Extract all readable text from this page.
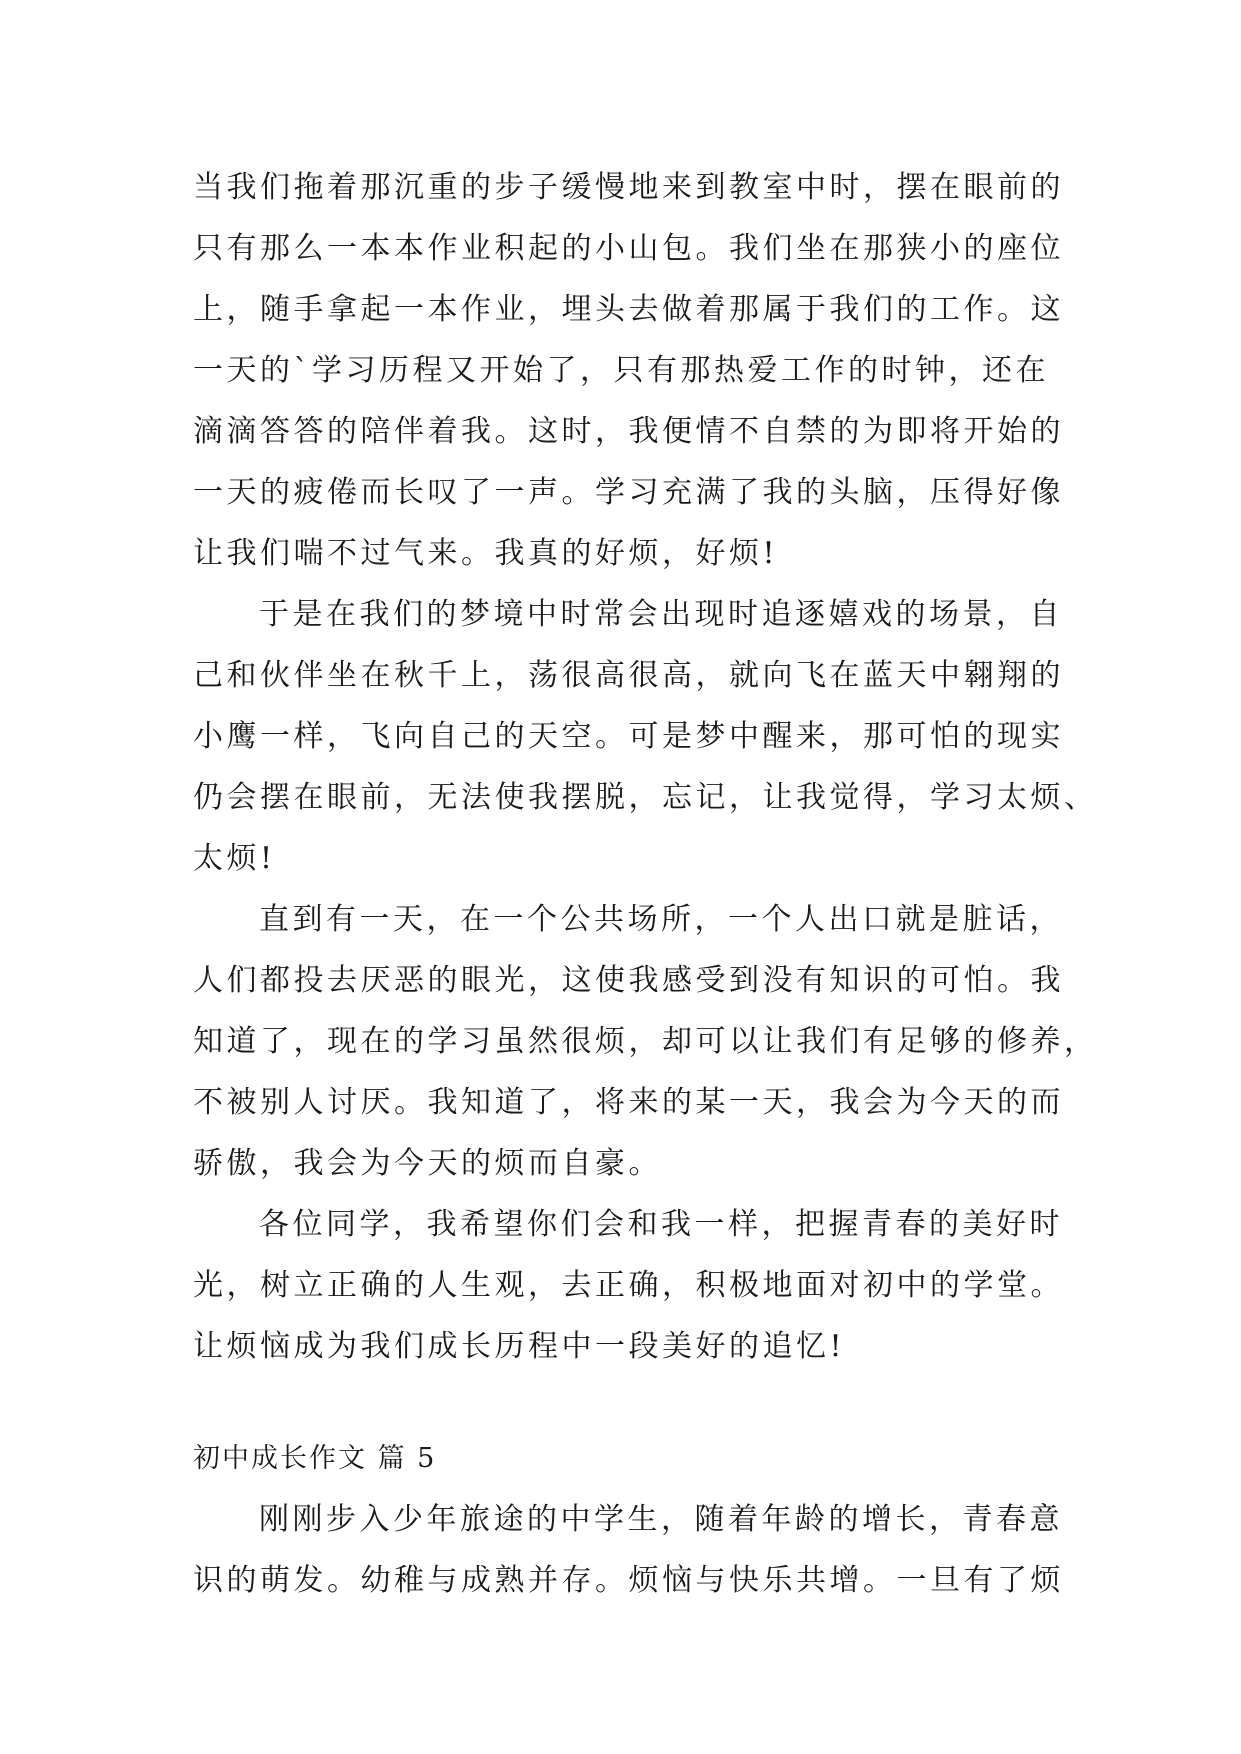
当我们拖着那沉重的步子缓慢地来到教室中时，摆在眼前的
只有那么一本本作业积起的小山包。我们坐在那狭小的座位
上，随手拿起一本作业，埋头去做着那属于我们的工作。这
一天的`学习历程又开始了，只有那热爱工作的时钟，还在
滴滴答答的陪伴着我。这时，我便情不自禁的为即将开始的
一天的疲倦而长叹了一声。学习充满了我的头脑，压得好像
让我们喘不过气来。我真的好烦，好烦!
于是在我们的梦境中时常会出现时追逐嬉戏的场景，自
己和伙伴坐在秋千上，荡很高很高，就向飞在蓝天中翱翔的
小鹰一样，飞向自己的天空。可是梦中醒来，那可怕的现实
仍会摆在眼前，无法使我摆脱，忘记，让我觉得，学习太烦、
太烦!
直到有一天，在一个公共场所，一个人出口就是脏话，
人们都投去厌恶的眼光，这使我感受到没有知识的可怕。我
知道了，现在的学习虽然很烦，却可以让我们有足够的修养，
不被别人讨厌。我知道了，将来的某一天，我会为今天的而
骄傲，我会为今天的烦而自豪。
各位同学，我希望你们会和我一样，把握青春的美好时
光，树立正确的人生观，去正确，积极地面对初中的学堂。
让烦恼成为我们成长历程中一段美好的追忆!
初中成长作文 篇 5
刚刚步入少年旅途的中学生，随着年龄的增长，青春意
识的萌发。幼稚与成熟并存。烦恼与快乐共增。一旦有了烦
